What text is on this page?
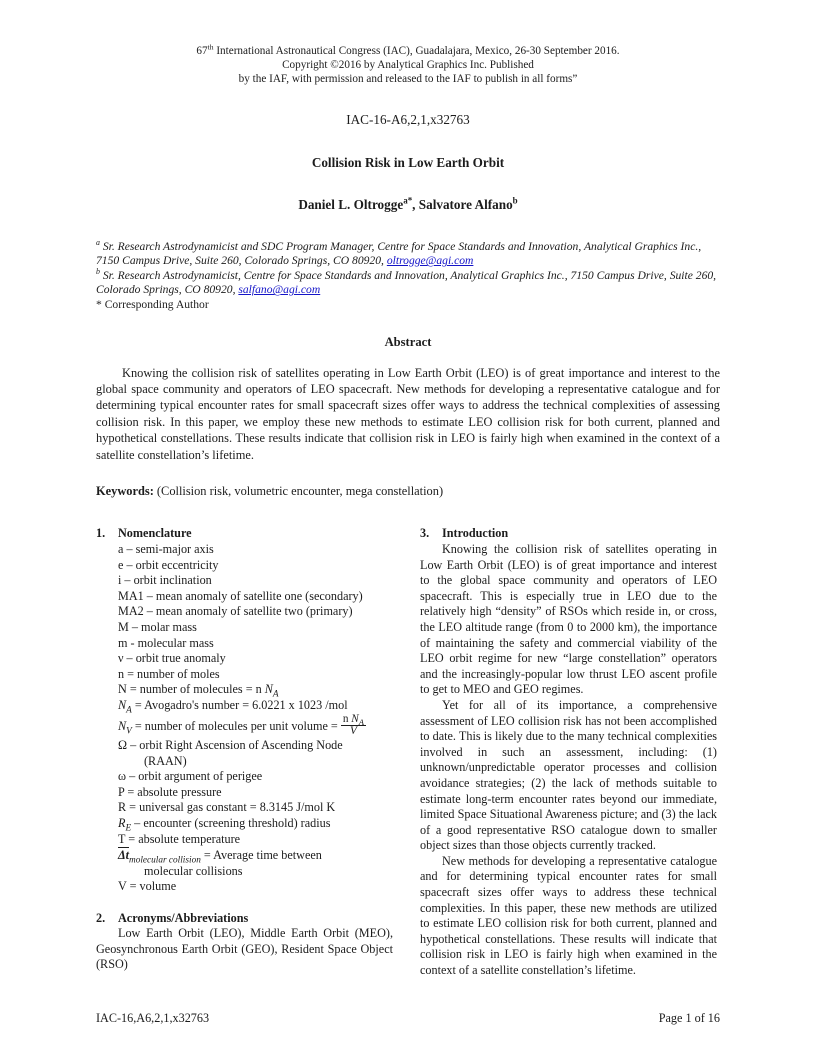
67th International Astronautical Congress (IAC), Guadalajara, Mexico, 26-30 September 2016.
Copyright ©2016 by Analytical Graphics Inc. Published
by the IAF, with permission and released to the IAF to publish in all forms”
IAC-16-A6,2,1,x32763
Collision Risk in Low Earth Orbit
Daniel L. Oltrogge$^{a*}$, Salvatore Alfano$^b$
$^a$ Sr. Research Astrodynamicist and SDC Program Manager, Centre for Space Standards and Innovation, Analytical Graphics Inc., 7150 Campus Drive, Suite 260, Colorado Springs, CO 80920, oltrogge@agi.com
$^b$ Sr. Research Astrodynamicist, Centre for Space Standards and Innovation, Analytical Graphics Inc., 7150 Campus Drive, Suite 260, Colorado Springs, CO 80920, salfano@agi.com
* Corresponding Author
Abstract
Knowing the collision risk of satellites operating in Low Earth Orbit (LEO) is of great importance and interest to the global space community and operators of LEO spacecraft. New methods for developing a representative catalogue and for determining typical encounter rates for small spacecraft sizes offer ways to address the technical complexities of assessing collision risk. In this paper, we employ these new methods to estimate LEO collision risk for both current, planned and hypothetical constellations. These results indicate that collision risk in LEO is fairly high when examined in the context of a satellite constellation’s lifetime.
Keywords: (Collision risk, volumetric encounter, mega constellation)
1.	Nomenclature
a – semi-major axis
e – orbit eccentricity
i – orbit inclination
MA1 – mean anomaly of satellite one (secondary)
MA2 – mean anomaly of satellite two (primary)
M – molar mass
m - molecular mass
ν – orbit true anomaly
n = number of moles
N = number of molecules = n $N_A$
$N_A$ = Avogadro's number = 6.0221 x 1023 /mol
$N_V$ = number of molecules per unit volume = $\frac{n N_A}{V}$
Ω – orbit Right Ascension of Ascending Node
(RAAN)
ω – orbit argument of perigee
P = absolute pressure
R = universal gas constant = 8.3145 J/mol K
$R_E$ – encounter (screening threshold) radius
T = absolute temperature
$\Delta t_{molecular collision}$ = Average time between
molecular collisions
V = volume
2.	Acronyms/Abbreviations

Low Earth Orbit (LEO), Middle Earth Orbit (MEO), Geosynchronous Earth Orbit (GEO), Resident Space Object (RSO)

3.	Introduction

Knowing the collision risk of satellites operating in Low Earth Orbit (LEO) is of great importance and interest to the global space community and operators of LEO spacecraft. This is especially true in LEO due to the relatively high “density” of RSOs which reside in, or cross, the LEO altitude range (from 0 to 2000 km), the importance of maintaining the safety and commercial viability of the LEO orbit regime for new “large constellation” operators and the increasingly-popular low thrust LEO ascent profile to get to MEO and GEO regimes.

Yet for all of its importance, a comprehensive assessment of LEO collision risk has not been accomplished to date. This is likely due to the many technical complexities involved in such an assessment, including: (1) unknown/unpredictable operator processes and collision avoidance strategies; (2) the lack of methods suitable to estimate long-term encounter rates beyond our immediate, limited Space Situational Awareness picture; and (3) the lack of a good representative RSO catalogue down to smaller object sizes than those objects currently tracked.

New methods for developing a representative catalogue and for determining typical encounter rates for small spacecraft sizes offer ways to address these technical complexities. In this paper, these new methods are utilized to estimate LEO collision risk for both current, planned and hypothetical constellations. These results will indicate that collision risk in LEO is fairly high when examined in the context of a satellite constellation’s lifetime.

IAC-16,A6,2,1,x32763	Page 1 of 16
